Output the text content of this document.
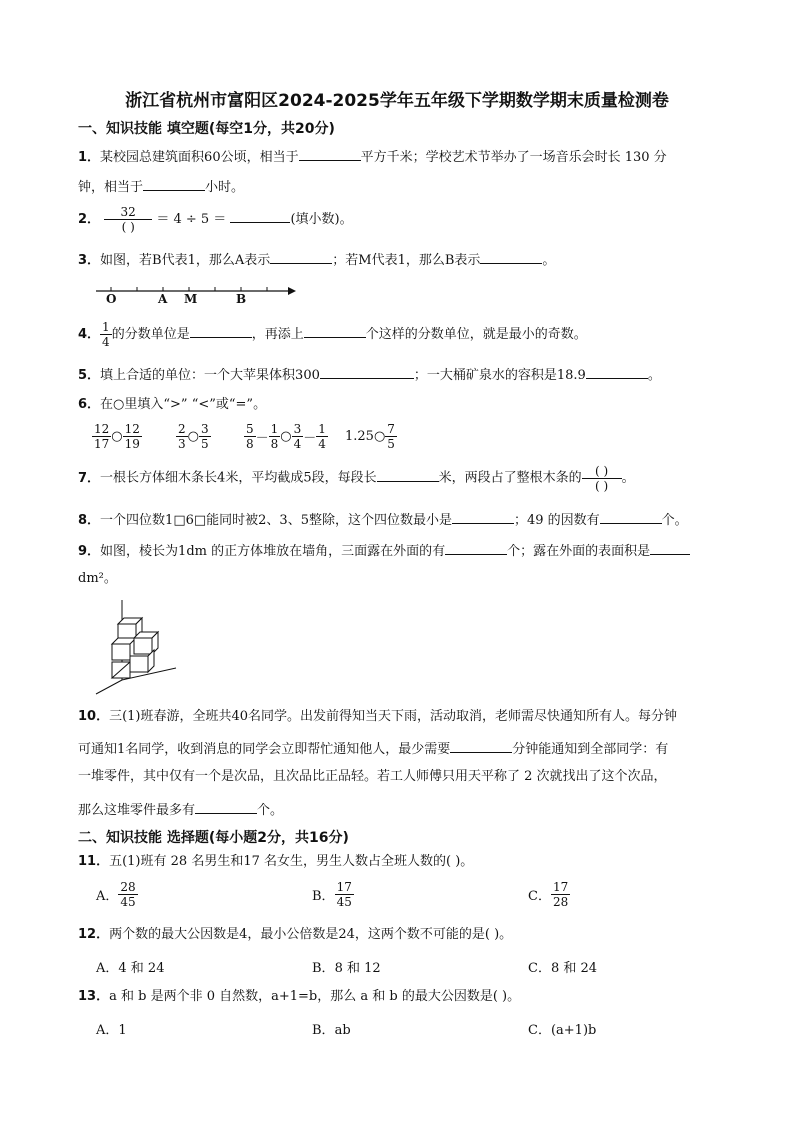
浙江省杭州市富阳区2024-2025学年五年级下学期数学期末质量检测卷
一、知识技能 填空题(每空1分，共20分)
1．某校园总建筑面积60公顷，相当于	平方千米；学校艺术节举办了一场音乐会时长 130 分
钟，相当于	小时。
2． $\frac{32}{( )} = 4 \div 5$ ＝	(填小数)。
3．如图，若B代表1，那么A表示	；若M代表1，那么B表示	。
O	A M	B
4． $\frac{1}{4}$ 的分数单位是	，再添上	个这样的分数单位，就是最小的奇数。
5．填上合适的单位：一个大苹果体积300	；一大桶矿泉水的容积是18.9	。
6．在○里填入“>” “<”或“=”。
$\frac{12}{17}$ ○ $\frac{12}{19}$	$\frac{2}{3}$ ○ $\frac{3}{5}$	$\frac{5}{8} - \frac{1}{8}$ ○ $\frac{3}{4} - \frac{1}{4}$ 1.25○ $\frac{7}{5}$
7．一根长方体细木条长4米，平均截成5段，每段长	米，两段占了整根木条的 $\frac{( )}{( )}$ 。
8．一个四位数1□6□能同时被2、3、5整除，这个四位数最小是	；49 的因数有	个。
9．如图，棱长为1dm 的正方体堆放在墙角，三面露在外面的有	个；露在外面的表面积是
dm²。
10．三(1)班春游，全班共40名同学。出发前得知当天下雨，活动取消，老师需尽快通知所有人。每分钟
可通知1名同学，收到消息的同学会立即帮忙通知他人，最少需要	分钟能通知到全部同学：有
一堆零件，其中仅有一个是次品，且次品比正品轻。若工人师傅只用天平称了 2 次就找出了这个次品，
那么这堆零件最多有	个。
二、知识技能 选择题(每小题2分，共16分)
11．五(1)班有 28 名男生和17 名女生，男生人数占全班人数的( )。
A． $\frac{28}{45}$	B． $\frac{17}{45}$	C． $\frac{17}{28}$
12．两个数的最大公因数是4，最小公倍数是24，这两个数不可能的是( )。
A．4 和 24	B．8 和 12	C．8 和 24
13．a 和 b 是两个非 0 自然数，a+1=b，那么 a 和 b 的最大公因数是( )。
A．1	B．ab	C．(a+1)b
